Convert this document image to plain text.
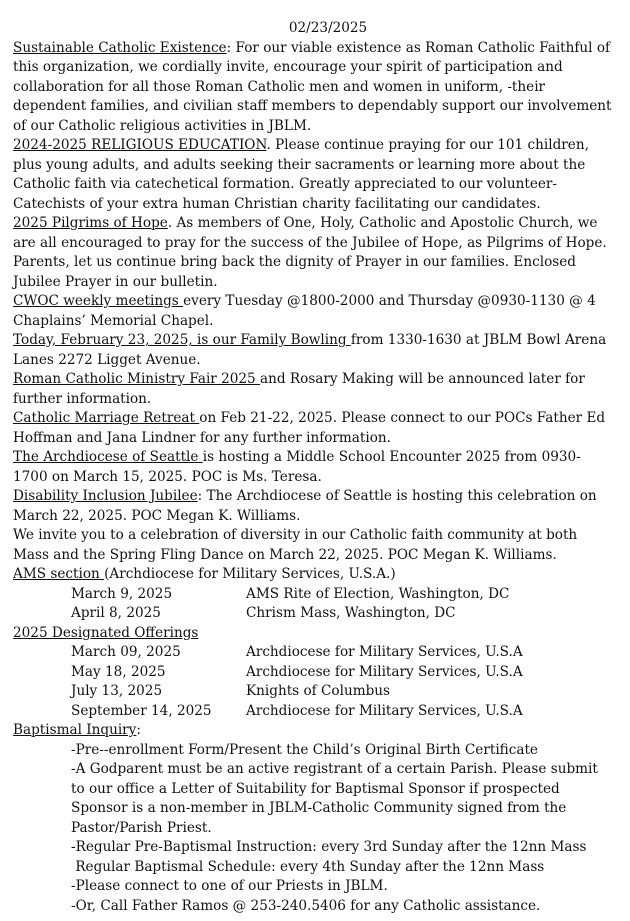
02/23/2025

Sustainable Catholic Existence: For our viable existence as Roman Catholic Faithful of this organization, we cordially invite, encourage your spirit of participation and collaboration for all those Roman Catholic men and women in uniform, -their dependent families, and civilian staff members to dependably support our involvement of our Catholic religious activities in JBLM.

2024-2025 RELIGIOUS EDUCATION. Please continue praying for our 101 children, plus young adults, and adults seeking their sacraments or learning more about the Catholic faith via catechetical formation. Greatly appreciated to our volunteer-Catechists of your extra human Christian charity facilitating our candidates.

2025 Pilgrims of Hope. As members of One, Holy, Catholic and Apostolic Church, we are all encouraged to pray for the success of the Jubilee of Hope, as Pilgrims of Hope. Parents, let us continue bring back the dignity of Prayer in our families. Enclosed Jubilee Prayer in our bulletin.

CWOC weekly meetings every Tuesday @1800-2000 and Thursday @0930-1130 @ 4 Chaplains’ Memorial Chapel.

Today, February 23, 2025, is our Family Bowling from 1330-1630 at JBLM Bowl Arena Lanes 2272 Ligget Avenue.

Roman Catholic Ministry Fair 2025 and Rosary Making will be announced later for further information.

Catholic Marriage Retreat on Feb 21-22, 2025. Please connect to our POCs Father Ed Hoffman and Jana Lindner for any further information.

The Archdiocese of Seattle is hosting a Middle School Encounter 2025 from 0930-1700 on March 15, 2025. POC is Ms. Teresa.

Disability Inclusion Jubilee: The Archdiocese of Seattle is hosting this celebration on March 22, 2025. POC Megan K. Williams.

We invite you to a celebration of diversity in our Catholic faith community at both Mass and the Spring Fling Dance on March 22, 2025. POC Megan K. Williams.

AMS section (Archdiocese for Military Services, U.S.A.)

March 9, 2025	AMS Rite of Election, Washington, DC
April 8, 2025	Chrism Mass, Washington, DC

2025 Designated Offerings

March 09, 2025	Archdiocese for Military Services, U.S.A
May 18, 2025	Archdiocese for Military Services, U.S.A
July 13, 2025	Knights of Columbus
September 14, 2025	Archdiocese for Military Services, U.S.A

Baptismal Inquiry:

-Pre--enrollment Form/Present the Child’s Original Birth Certificate

-A Godparent must be an active registrant of a certain Parish. Please submit to our office a Letter of Suitability for Baptismal Sponsor if prospected Sponsor is a non-member in JBLM-Catholic Community signed from the Pastor/Parish Priest.

-Regular Pre-Baptismal Instruction: every 3rd Sunday after the 12nn Mass

Regular Baptismal Schedule: every 4th Sunday after the 12nn Mass

-Please connect to one of our Priests in JBLM.

-Or, Call Father Ramos @ 253-240.5406 for any Catholic assistance.
